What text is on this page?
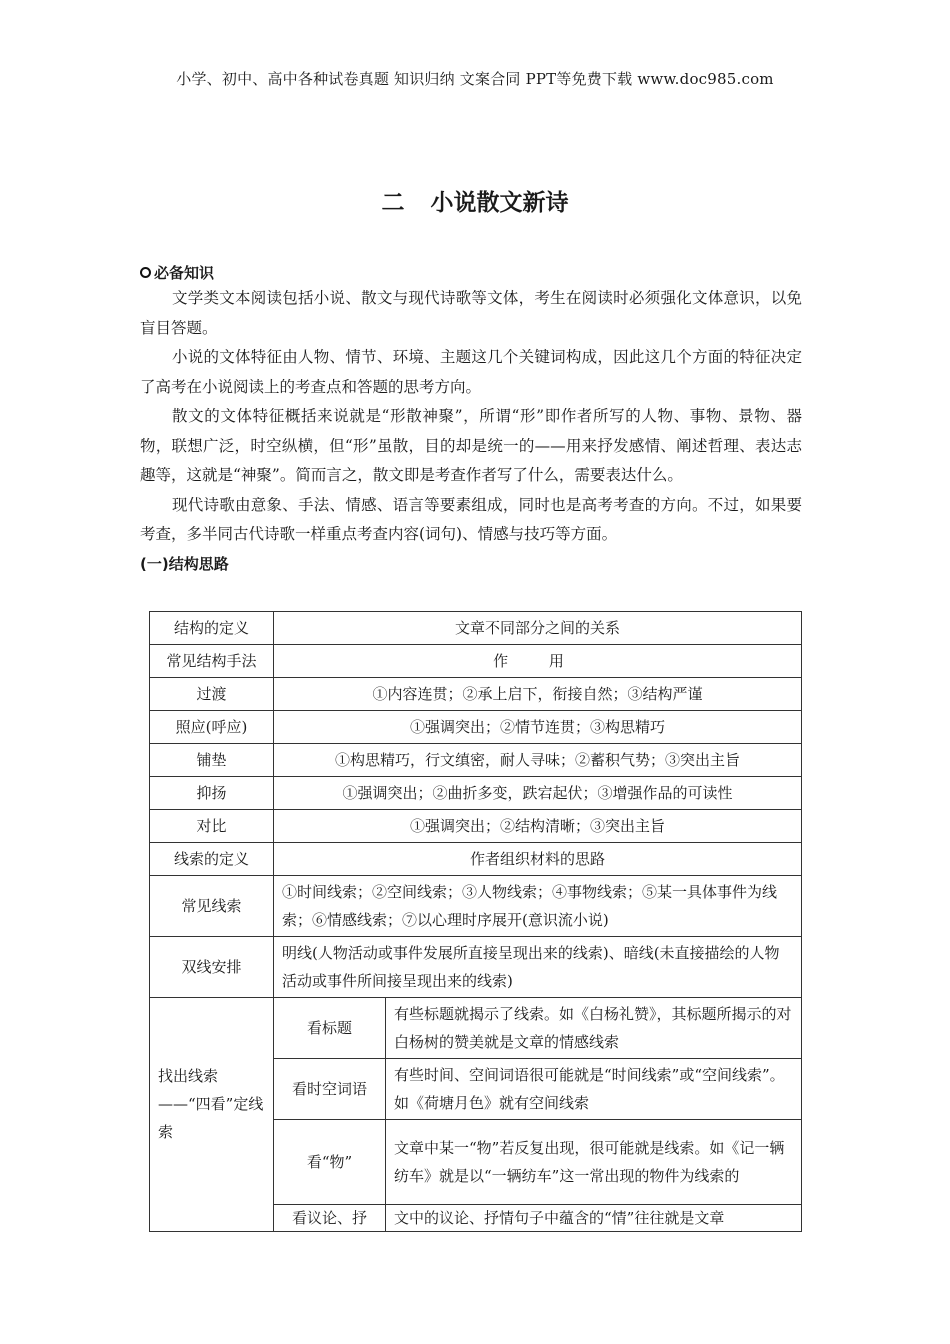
小学、初中、高中各种试卷真题 知识归纳 文案合同 PPT等免费下载 www.doc985.com
二 小说散文新诗
必备知识

文学类文本阅读包括小说、散文与现代诗歌等文体，考生在阅读时必须强化文体意识，以免盲目答题。

小说的文体特征由人物、情节、环境、主题这几个关键词构成，因此这几个方面的特征决定了高考在小说阅读上的考查点和答题的思考方向。

散文的文体特征概括来说就是“形散神聚”，所谓“形”即作者所写的人物、事物、景物、器物，联想广泛，时空纵横，但“形”虽散，目的却是统一的——用来抒发感情、阐述哲理、表达志趣等，这就是“神聚”。简而言之，散文即是考查作者写了什么，需要表达什么。

现代诗歌由意象、手法、情感、语言等要素组成，同时也是高考考查的方向。不过，如果要考查，多半同古代诗歌一样重点考查内容(词句)、情感与技巧等方面。

(一)结构思路
结构的定义	文章不同部分之间的关系	
常见结构手法	作 用	
过渡	①内容连贯；②承上启下，衔接自然；③结构严谨	
照应(呼应)	①强调突出；②情节连贯；③构思精巧	
铺垫	①构思精巧，行文缜密，耐人寻味；②蓄积气势；③突出主旨	
抑扬	①强调突出；②曲折多变，跌宕起伏；③增强作品的可读性	
对比	①强调突出；②结构清晰；③突出主旨	
线索的定义	作者组织材料的思路	
常见线索	①时间线索；②空间线索；③人物线索；④事物线索；⑤某一具体事件为线索；⑥情感线索；⑦以心理时序展开(意识流小说)	
双线安排	明线(人物活动或事件发展所直接呈现出来的线索)、暗线(未直接描绘的人物活动或事件所间接呈现出来的线索)	
找出线索——“四看”定线索	看标题	有些标题就揭示了线索。如《白杨礼赞》，其标题所揭示的对白杨树的赞美就是文章的情感线索
	看时空词语	有些时间、空间词语很可能就是“时间线索”或“空间线索”。如《荷塘月色》就有空间线索
	看“物”	文章中某一“物”若反复出现，很可能就是线索。如《记一辆纺车》就是以“一辆纺车”这一常出现的物件为线索的
	看议论、抒	文中的议论、抒情句子中蕴含的“情”往往就是文章
